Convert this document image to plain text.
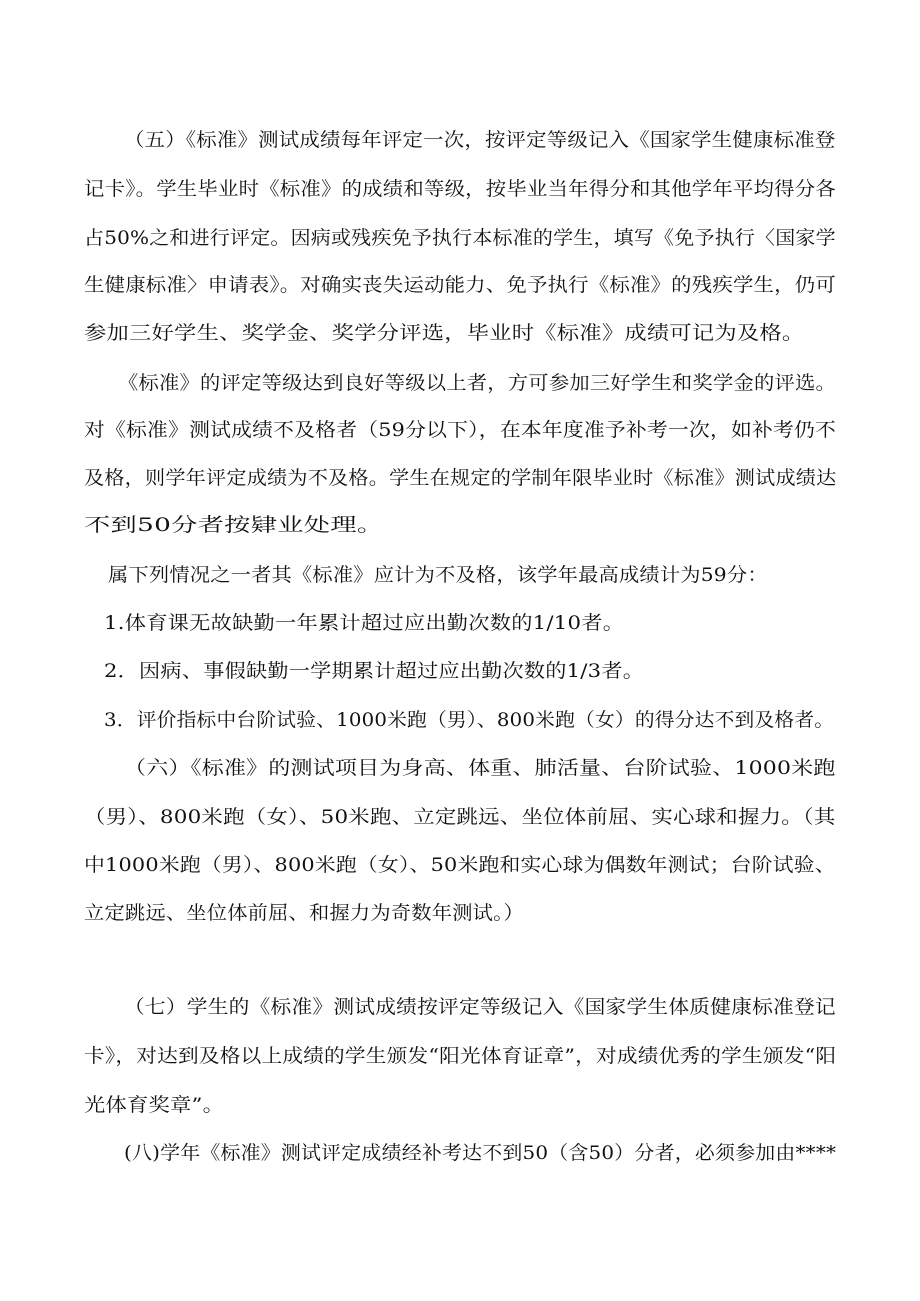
（五）《标准》测试成绩每年评定一次，按评定等级记入《国家学生健康标准登
记卡》。学生毕业时《标准》的成绩和等级，按毕业当年得分和其他学年平均得分各
占50%之和进行评定。因病或残疾免予执行本标准的学生，填写《免予执行〈国家学
生健康标准〉申请表》。对确实丧失运动能力、免予执行《标准》的残疾学生，仍可
参加三好学生、奖学金、奖学分评选，毕业时《标准》成绩可记为及格。
《标准》的评定等级达到良好等级以上者，方可参加三好学生和奖学金的评选。
对《标准》测试成绩不及格者（59分以下），在本年度准予补考一次，如补考仍不
及格，则学年评定成绩为不及格。学生在规定的学制年限毕业时《标准》测试成绩达
不到50分者按肄业处理。
属下列情况之一者其《标准》应计为不及格，该学年最高成绩计为59分：
1.体育课无故缺勤一年累计超过应出勤次数的1/10者。
2．因病、事假缺勤一学期累计超过应出勤次数的1/3者。
3．评价指标中台阶试验、1000米跑（男）、800米跑（女）的得分达不到及格者。
（六）《标准》的测试项目为身高、体重、肺活量、台阶试验、1000米跑
（男）、800米跑（女）、50米跑、立定跳远、坐位体前屈、实心球和握力。（其
中1000米跑（男）、800米跑（女）、50米跑和实心球为偶数年测试；台阶试验、
立定跳远、坐位体前屈、和握力为奇数年测试。）
（七）学生的《标准》测试成绩按评定等级记入《国家学生体质健康标准登记
卡》，对达到及格以上成绩的学生颁发“阳光体育证章”，对成绩优秀的学生颁发“阳
光体育奖章”。
(八)学年《标准》测试评定成绩经补考达不到50（含50）分者，必须参加由****
